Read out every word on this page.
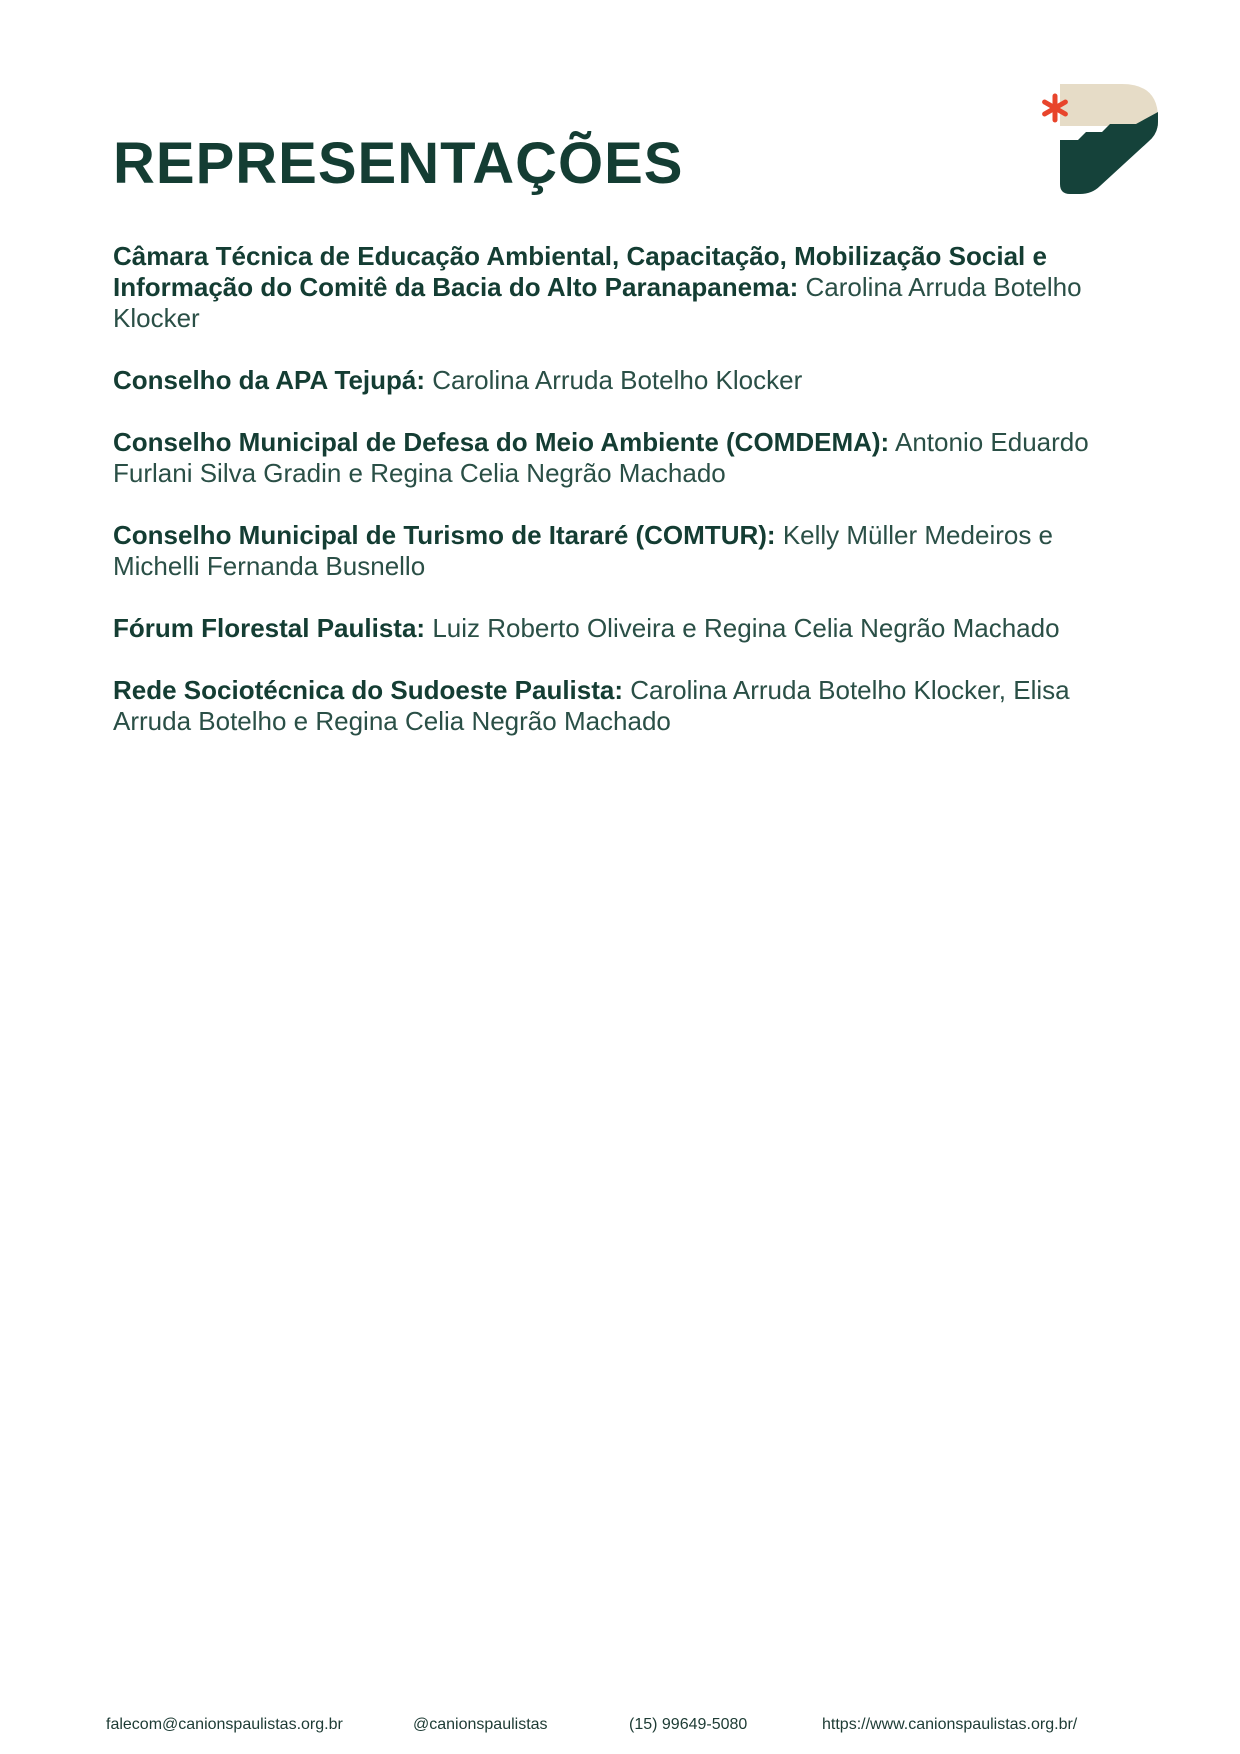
REPRESENTAÇÕES

Câmara Técnica de Educação Ambiental, Capacitação, Mobilização Social e Informação do Comitê da Bacia do Alto Paranapanema: Carolina Arruda Botelho Klocker

Conselho da APA Tejupá: Carolina Arruda Botelho Klocker

Conselho Municipal de Defesa do Meio Ambiente (COMDEMA): Antonio Eduardo Furlani Silva Gradin e Regina Celia Negrão Machado

Conselho Municipal de Turismo de Itararé (COMTUR): Kelly Müller Medeiros e Michelli Fernanda Busnello

Fórum Florestal Paulista: Luiz Roberto Oliveira e Regina Celia Negrão Machado

Rede Sociotécnica do Sudoeste Paulista: Carolina Arruda Botelho Klocker, Elisa Arruda Botelho e Regina Celia Negrão Machado

falecom@canionspaulistas.org.br	@canionspaulistas	(15) 99649-5080	https://www.canionspaulistas.org.br/
